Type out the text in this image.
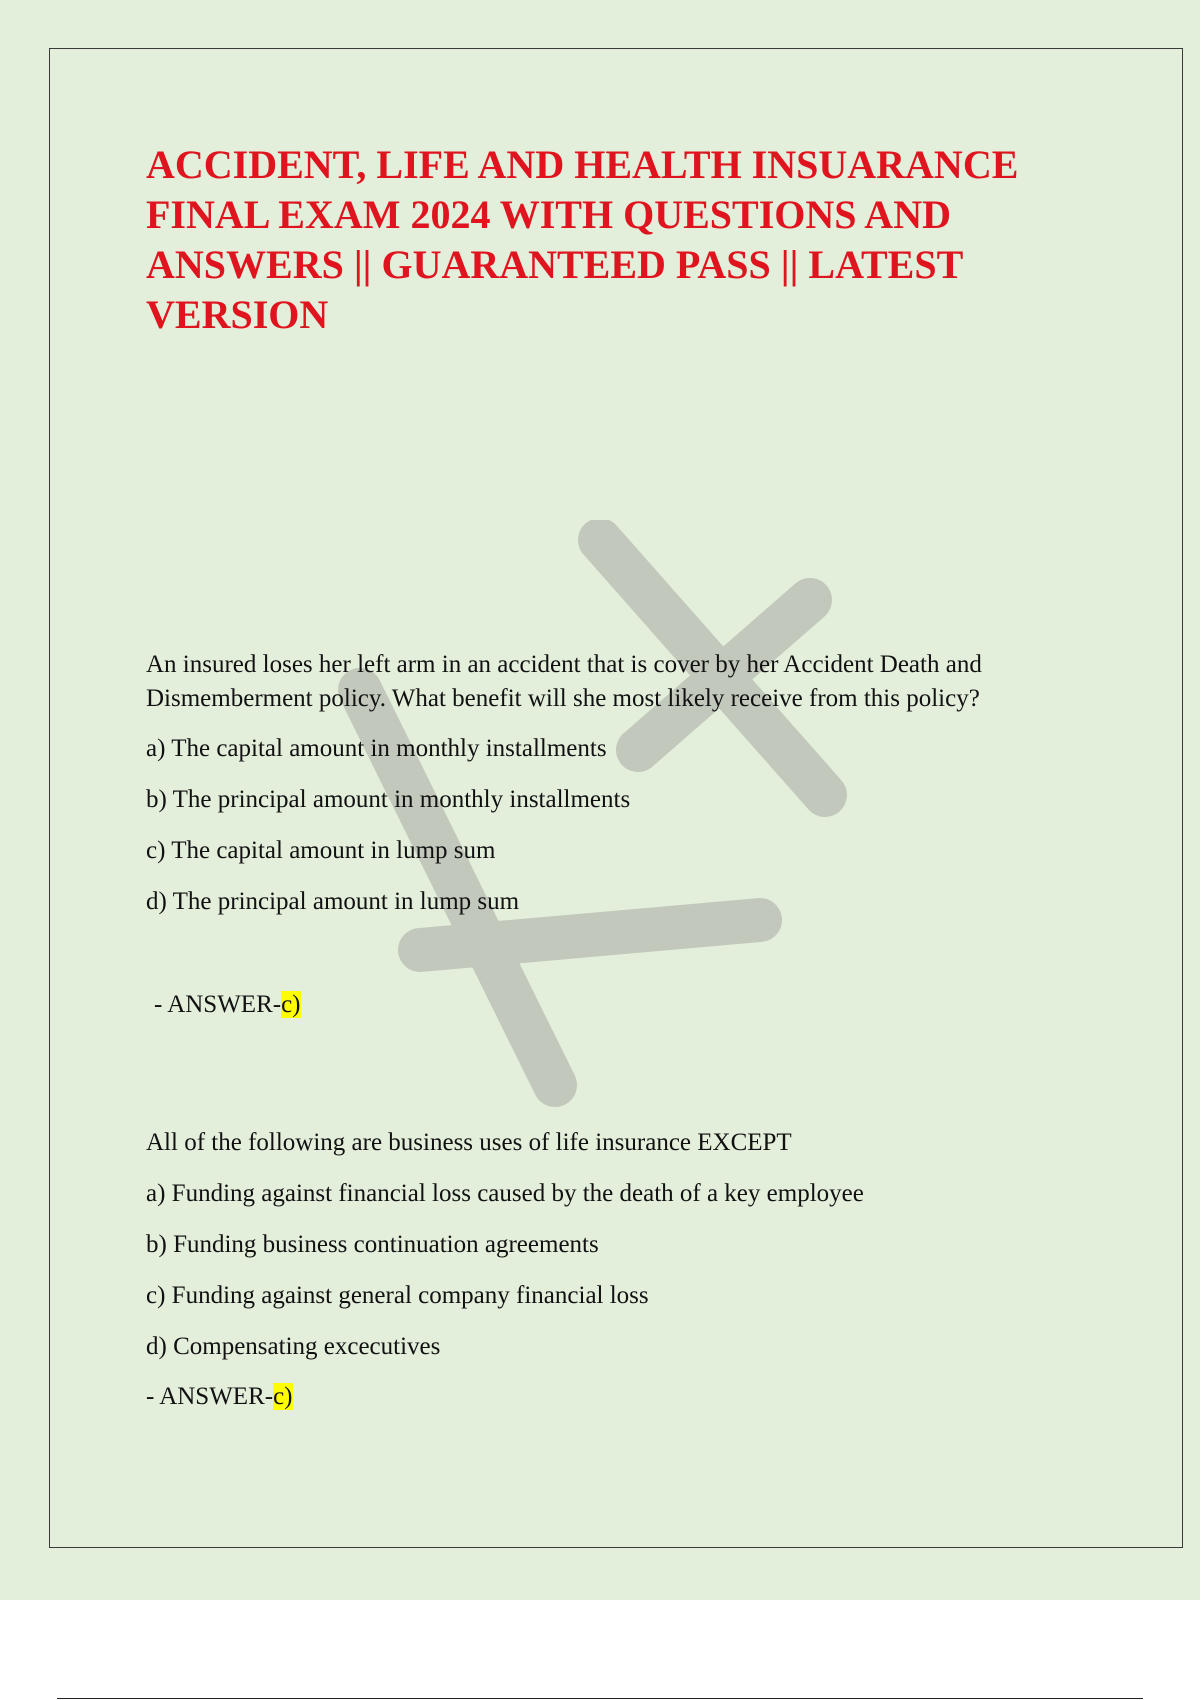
ACCIDENT, LIFE AND HEALTH INSUARANCE FINAL EXAM 2024 WITH QUESTIONS AND ANSWERS || GUARANTEED PASS || LATEST VERSION

An insured loses her left arm in an accident that is cover by her Accident Death and Dismemberment policy. What benefit will she most likely receive from this policy?

a) The capital amount in monthly installments

b) The principal amount in monthly installments

c) The capital amount in lump sum

d) The principal amount in lump sum

- ANSWER-c)

All of the following are business uses of life insurance EXCEPT

a) Funding against financial loss caused by the death of a key employee

b) Funding business continuation agreements

c) Funding against general company financial loss

d) Compensating excecutives

- ANSWER-c)
